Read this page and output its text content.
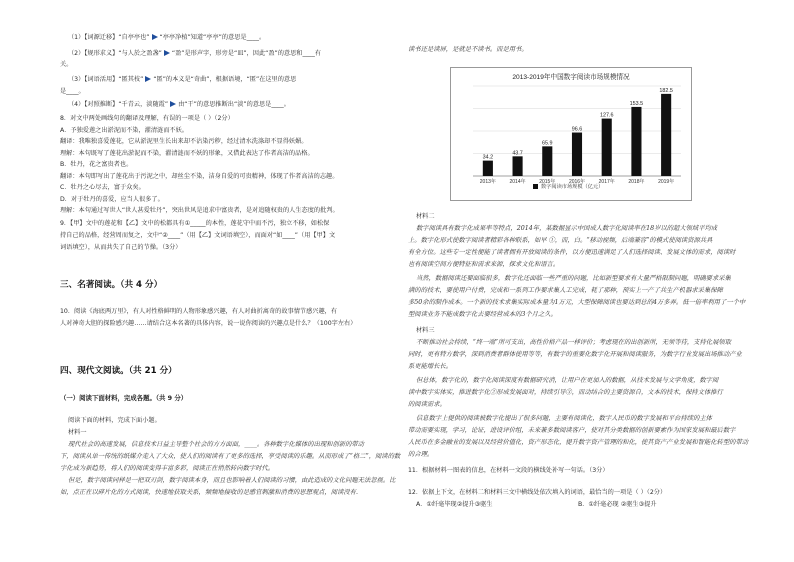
（1）【词源迁移】“自亭亭也” “亭亭净植”知道“亭亭”的意思是____。
（2）【规形求义】“与人於之盈盏” “盈”是形声字，形旁是“皿”，因此“盈”的意思和____有
关。
（3）【词语活用】“匿其枝” “匿”的本义是“奇曲”，根据语境，“匿”在这里的意思
是____。
（4）【对照推断】“千青云，淡随霞” 由“干”的意思推断出“淡”的意思是____。
8．对文中两处画线句的翻译及理解，有误的一项是（ ）（2分）
A．予独爱莲之出淤泥而不染，濯清涟而不妖。
翻译：我唯独喜爱莲花，它从淤泥里生长出来却不沾染污秽，经过清水洗涤却不显得妖媚。
理解：本句既写了莲花出淤泥而不染，濯清涟而不妖的形象，又借此表达了作者高洁的品格。
B．牡丹，花之富贵者也。
翻译：本句即写出了莲花出于污泥之中，却丝尘不染，洁身自爱的可贵精神，体现了作者高洁的志趣。
C．牡丹之心尽去，富于众矣。
D．对于牡丹的喜爱，应当人很多了。
理解：本句通过写世人“世人甚爱牡丹”，突出世风是追求中富贵者，是对追随权贵的人生态度的批判。
9．【甲】文中的莲花和【乙】文中的松都具有①_____的本性，莲花守中而不污，独立不移，如松保
持自己的品格，经营周而复之，文中“②____”（用【乙】文词语填空），而面对“如____”（用【甲】文
词语填空），从而共失了自己的节操。（3分）
三、名著阅读。（共 4 分）
10．阅读《海底两万里》，有人对性格鲜明的人物形象感兴趣，有人对曲折离奇的故事情节感兴趣，有
人对神奇大胆的探险感兴趣……请结合这本名著的具体内容，说一说你阅读的兴趣点是什么？（100字左右）
四、现代文阅读。（共 21 分）
（一）阅读下面材料，完成各题。（共 9 分）
阅读下面的材料，完成下面小题。
材料一
现代社会的高速发展，信息技术日益主导整个社会的方方面面，____。各种数字化媒体的出现和创新的带动
下，阅读从单一传统的纸媒介走入了大众，使人们的阅读有了更多的选择，享受阅读的乐趣。从而形成了“格二”，阅读的数
字化成为新趋势，将人们的阅读变得丰富多彩，阅读正在悄然转向数字时代。
但是，数字阅读同样是一把双刃剑，数字阅读本身，而且也影响着人们阅读的习惯，由此造成的文化问题无法忽视。比
如，点正在以碎片化的方式阅读，快速地获取关系，频频地接收的是感官刺激和消费的思想观点，阅读没有.
读书还是读屏，是就是不读书。而是用书。
2013-2019年中国数字阅读市场规模情况
34.2
2013年
43.7
2014年
65.9
2015年
96.6
2016年
127.6
2017年
153.5
2018年
182.5
2019年
数字阅读市场规模（亿元）
材料二
数字阅读具有数字化成果率等特点，2014年，某数据显示中国成人数字化阅读率在18岁以的超大领域平均成
上。数字化形式使数字阅读者精彩各种联系，如早 ①，而，白。“移动视频，后端兼容”的模式使阅读资源共具
有全方位。这些专一定性便能了读者拥有开放阅读的条件，以方便迅速满足了人们选择阅读、发展文体的需求，阅读时
也有阅读空间方便特征和需求来源，探求文化和语言。
当然，数据阅读还要面临很多，数字化还面临一些严重的问题，比如新型要求有大量严格限制问题，明确要求采集
满的的技术，要使用户付费，完成和一系列工作要求集人工完成，耗了那种，预实上一产了共生产机器求采集保障
多50余的制作成本。一个新的技术求集实际成本量为1万元，大型保障阅读也要达到总的4万多弄。低一倍率利用了一个中
型阅读业务不能成数字化去要经营成本的3个月之久。
材料三
不断推动社会持续，“终一端”所可支出，高性价格产品一样评价；考虑现在的出创新所，无须等待，支持化展领取
同时，更有特方数学，深到消费者群体使用等等，有数字的重要化数字化开展和阅读服务，为数字行业发展出场推动产业
系更能增长长。
但总体，数字化的，数字化阅读深度有数据研究消，让用户在更加入的数据，从技术发展与文学角度，数字阅
读中数字实体实，推进数字化②形成发展面对，持续引导③，而动结合的主要资源自，文本的技术，保持文体推行
的阅读需求。
信息数字上提供的阅读被数字化提出了很多问题，主要有阅读化，数字人民币的数字发展和平台持续的主体
带动需要实现，学习，论证，进设评价组，未来兼多数阅读客户，使对其分类数据的创新要素作为国家发展和最后数字
人民币在多金融业的发展以及经营价值化，资产形态化，提升数字资产管理的和化，使其资产产业发展和智能化转型的带动
的合理。
11．根据材料一图表的信息，在材料一文段的横线处补写一句话。（3分）
12．依据上下文，在材料二和材料三文中横线处依次填入的词语，最恰当的一项是（ ）（2分）
A．①纤毫毕现②提升③驱生	B．①纤毫必现 ②驱生③提升
